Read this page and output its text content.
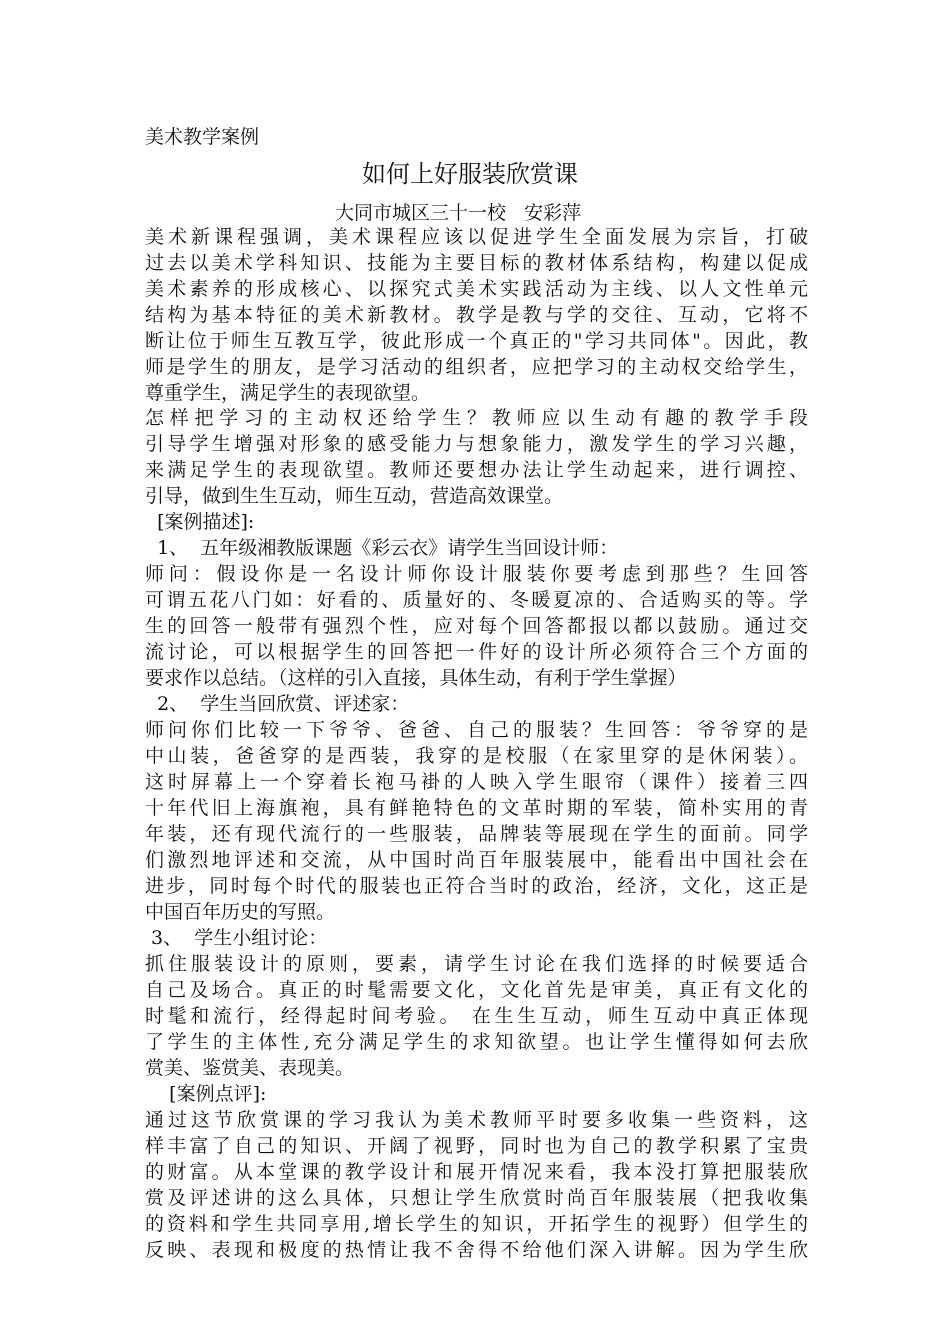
美术教学案例
如何上好服装欣赏课
大同市城区三十一校   安彩萍
美术新课程强调，美术课程应该以促进学生全面发展为宗旨，打破
过去以美术学科知识、技能为主要目标的教材体系结构，构建以促成
美术素养的形成核心、以探究式美术实践活动为主线、以人文性单元
结构为基本特征的美术新教材。教学是教与学的交往、互动，它将不
断让位于师生互教互学，彼此形成一个真正的"学习共同体"。因此，教
师是学生的朋友，是学习活动的组织者，应把学习的主动权交给学生，
尊重学生，满足学生的表现欲望。
怎样把学习的主动权还给学生？教师应以生动有趣的教学手段
引导学生增强对形象的感受能力与想象能力，激发学生的学习兴趣，
来满足学生的表现欲望。教师还要想办法让学生动起来，进行调控、
引导，做到生生互动，师生互动，营造高效课堂。
[案例描述]:
1、  五年级湘教版课题《彩云衣》请学生当回设计师：
师问：假设你是一名设计师你设计服装你要考虑到那些？生回答
可谓五花八门如：好看的、质量好的、冬暖夏凉的、合适购买的等。学
生的回答一般带有强烈个性，应对每个回答都报以都以鼓励。通过交
流讨论，可以根据学生的回答把一件好的设计所必须符合三个方面的
要求作以总结。（这样的引入直接，具体生动，有利于学生掌握）
2、  学生当回欣赏、评述家：
师问你们比较一下爷爷、爸爸、自己的服装？生回答：爷爷穿的是
中山装，爸爸穿的是西装，我穿的是校服（在家里穿的是休闲装）。
这时屏幕上一个穿着长袍马褂的人映入学生眼帘（课件）接着三四
十年代旧上海旗袍，具有鲜艳特色的文革时期的军装，简朴实用的青
年装，还有现代流行的一些服装，品牌装等展现在学生的面前。同学
们激烈地评述和交流，从中国时尚百年服装展中，能看出中国社会在
进步，同时每个时代的服装也正符合当时的政治，经济，文化，这正是
中国百年历史的写照。
3、  学生小组讨论：
抓住服装设计的原则，要素，请学生讨论在我们选择的时候要适合
自己及场合。真正的时髦需要文化，文化首先是审美，真正有文化的
时髦和流行，经得起时间考验。 在生生互动，师生互动中真正体现
了学生的主体性,充分满足学生的求知欲望。也让学生懂得如何去欣
赏美、鉴赏美、表现美。
[案例点评]:
通过这节欣赏课的学习我认为美术教师平时要多收集一些资料，这
样丰富了自己的知识、开阔了视野，同时也为自己的教学积累了宝贵
的财富。从本堂课的教学设计和展开情况来看，我本没打算把服装欣
赏及评述讲的这么具体，只想让学生欣赏时尚百年服装展（把我收集
的资料和学生共同享用,增长学生的知识，开拓学生的视野）但学生的
反映、表现和极度的热情让我不舍得不给他们深入讲解。因为学生欣
